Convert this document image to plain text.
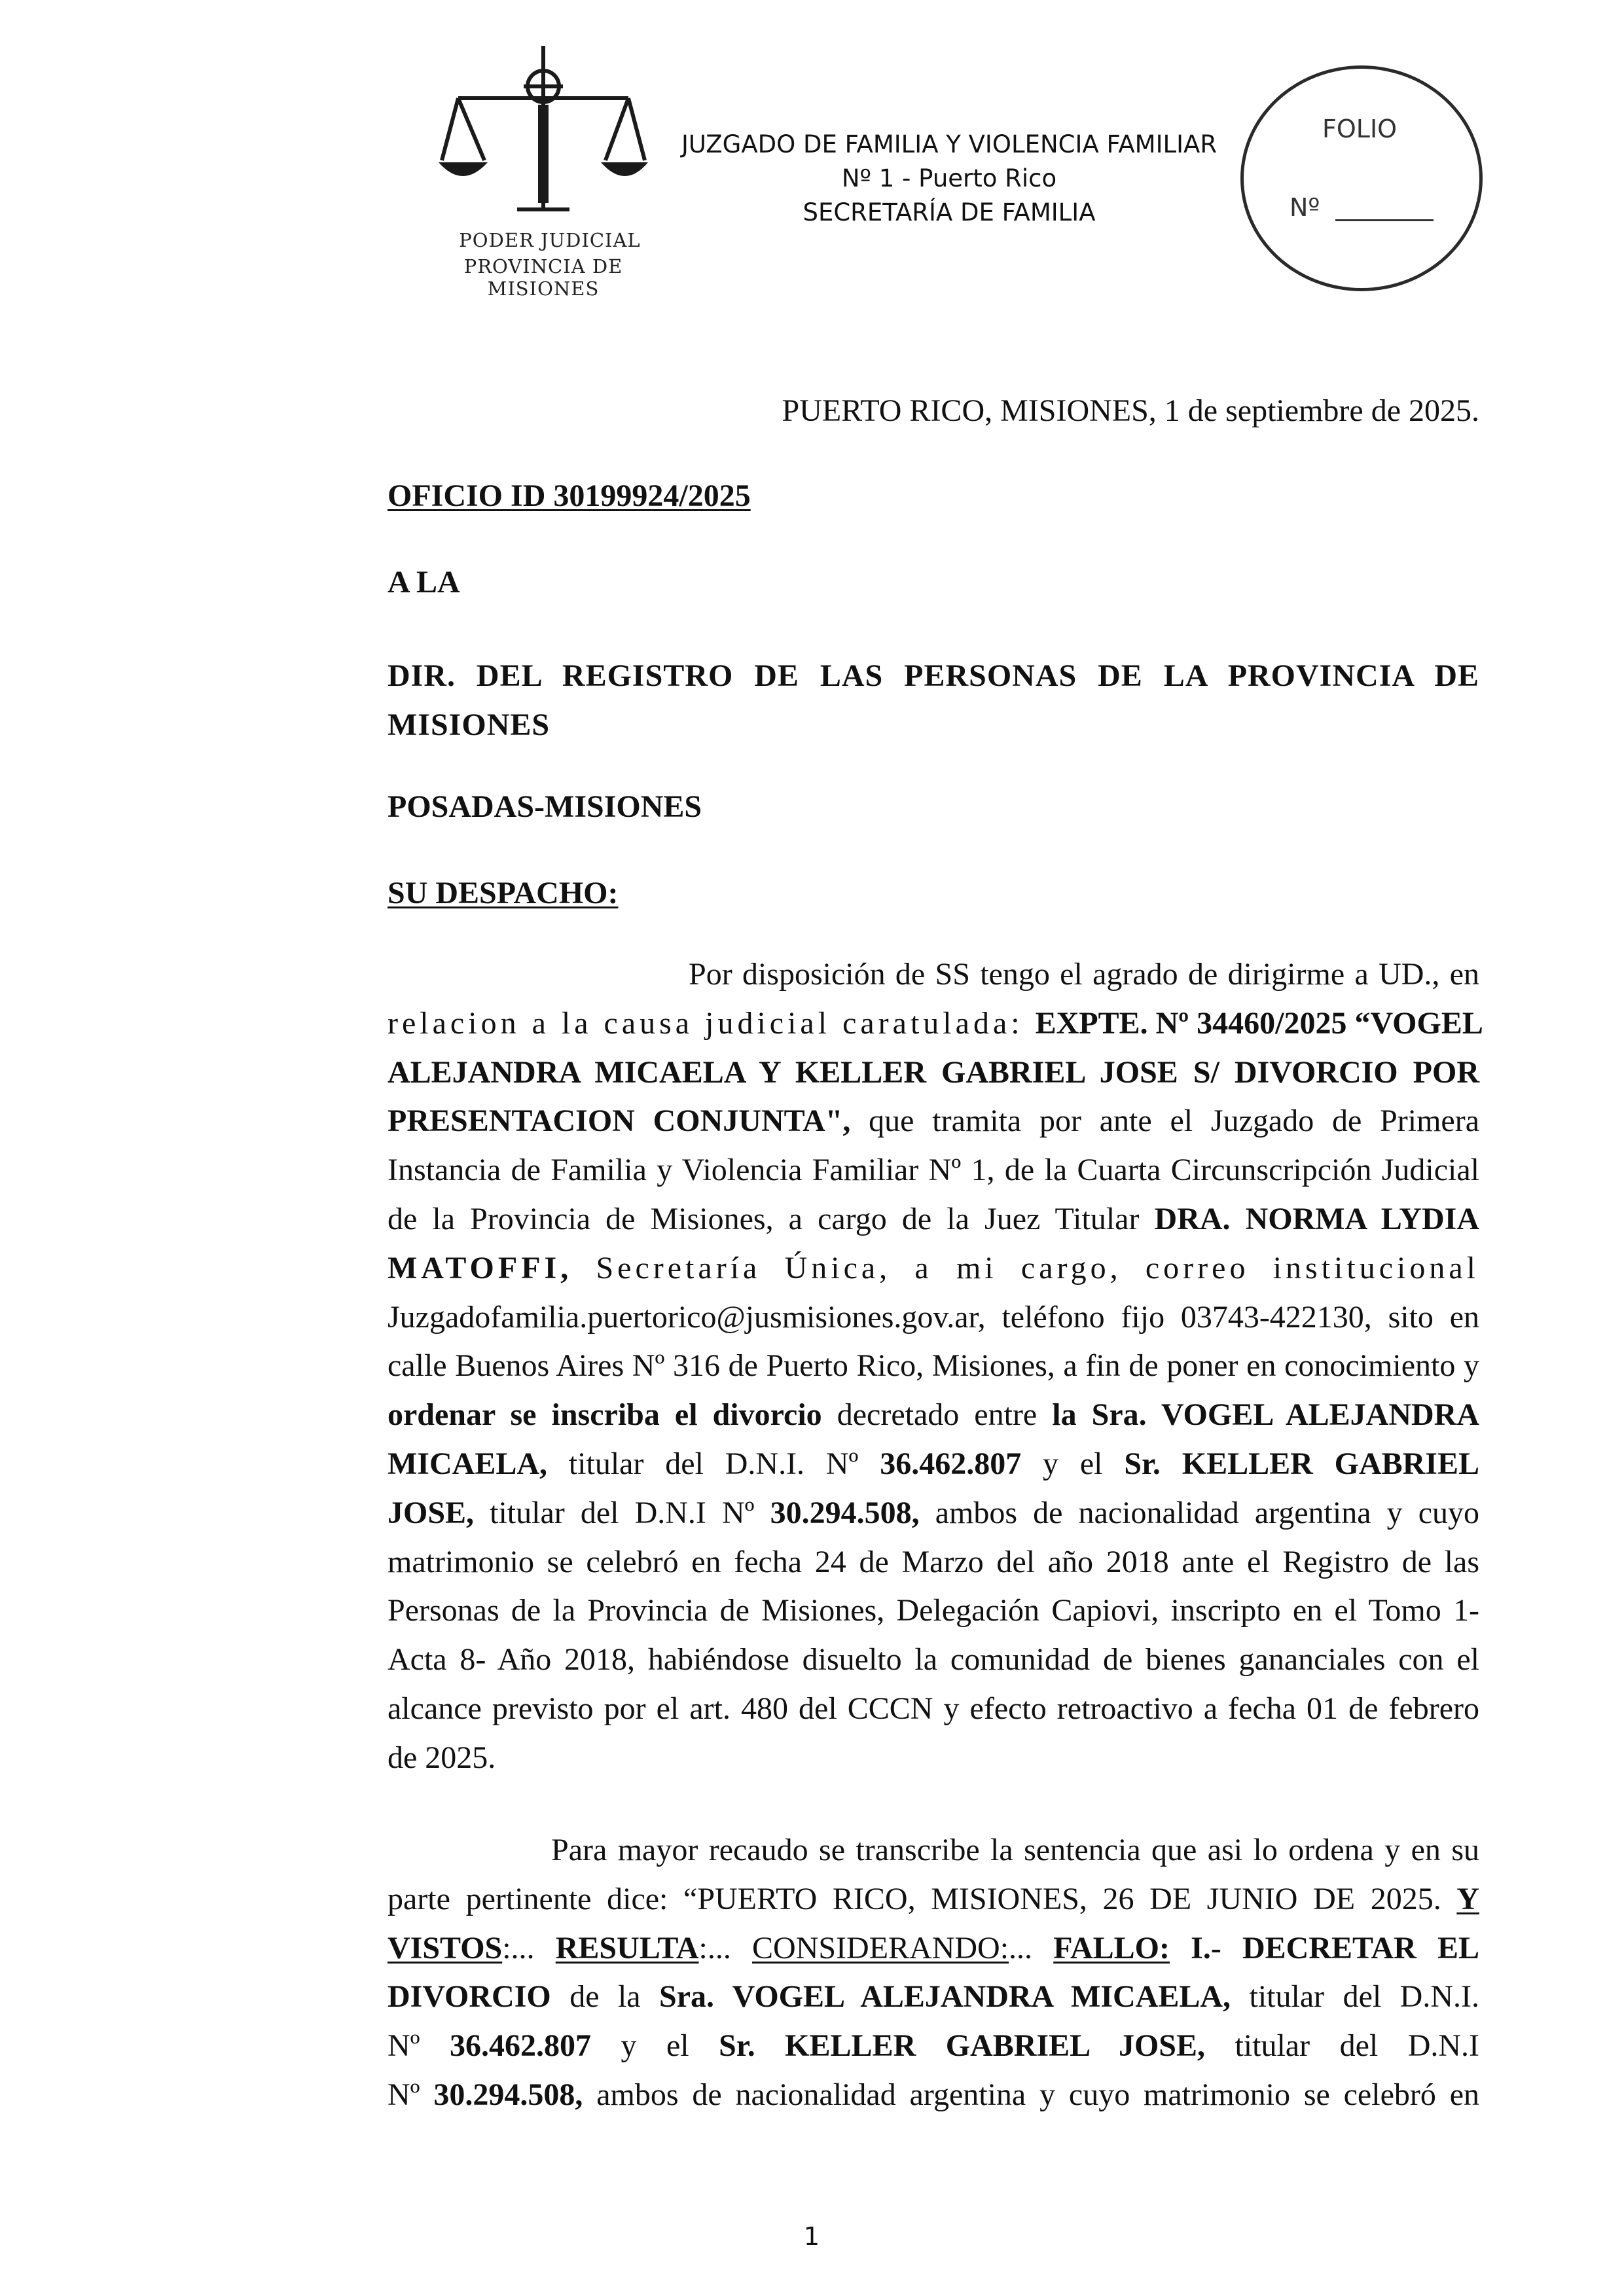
PODER JUDICIAL
PROVINCIA DE MISIONES
JUZGADO DE FAMILIA Y VIOLENCIA FAMILIAR
Nº 1 - Puerto Rico
SECRETARÍA DE FAMILIA
FOLIO
Nº
PUERTO RICO, MISIONES, 1 de septiembre de 2025.
OFICIO ID 30199924/2025
A LA
DIR. DEL REGISTRO DE LAS PERSONAS DE LA PROVINCIA DE MISIONES
POSADAS-MISIONES
SU DESPACHO:
Por disposición de SS tengo el agrado de dirigirme a UD., en
relacion a la causa judicial caratulada: EXPTE. Nº 34460/2025 “VOGEL
ALEJANDRA MICAELA Y KELLER GABRIEL JOSE S/ DIVORCIO POR
PRESENTACION CONJUNTA", que tramita por ante el Juzgado de Primera
Instancia de Familia y Violencia Familiar Nº 1, de la Cuarta Circunscripción Judicial
de la Provincia de Misiones, a cargo de la Juez Titular DRA. NORMA LYDIA
MATOFFI, Secretaría Única, a mi cargo, correo institucional
Juzgadofamilia.puertorico@jusmisiones.gov.ar, teléfono fijo 03743-422130, sito en
calle Buenos Aires Nº 316 de Puerto Rico, Misiones, a fin de poner en conocimiento y
ordenar se inscriba el divorcio decretado entre la Sra. VOGEL ALEJANDRA
MICAELA, titular del D.N.I. Nº 36.462.807 y el Sr. KELLER GABRIEL
JOSE, titular del D.N.I Nº 30.294.508, ambos de nacionalidad argentina y cuyo
matrimonio se celebró en fecha 24 de Marzo del año 2018 ante el Registro de las
Personas de la Provincia de Misiones, Delegación Capiovi, inscripto en el Tomo 1-
Acta 8- Año 2018, habiéndose disuelto la comunidad de bienes gananciales con el
alcance previsto por el art. 480 del CCCN y efecto retroactivo a fecha 01 de febrero
de 2025.
Para mayor recaudo se transcribe la sentencia que asi lo ordena y en su
parte pertinente dice: “PUERTO RICO, MISIONES, 26 DE JUNIO DE 2025. Y
VISTOS:... RESULTA:... CONSIDERANDO:... FALLO: I.- DECRETAR EL
DIVORCIO de la Sra. VOGEL ALEJANDRA MICAELA, titular del D.N.I.
Nº 36.462.807 y el Sr. KELLER GABRIEL JOSE, titular del D.N.I
Nº 30.294.508, ambos de nacionalidad argentina y cuyo matrimonio se celebró en
1
